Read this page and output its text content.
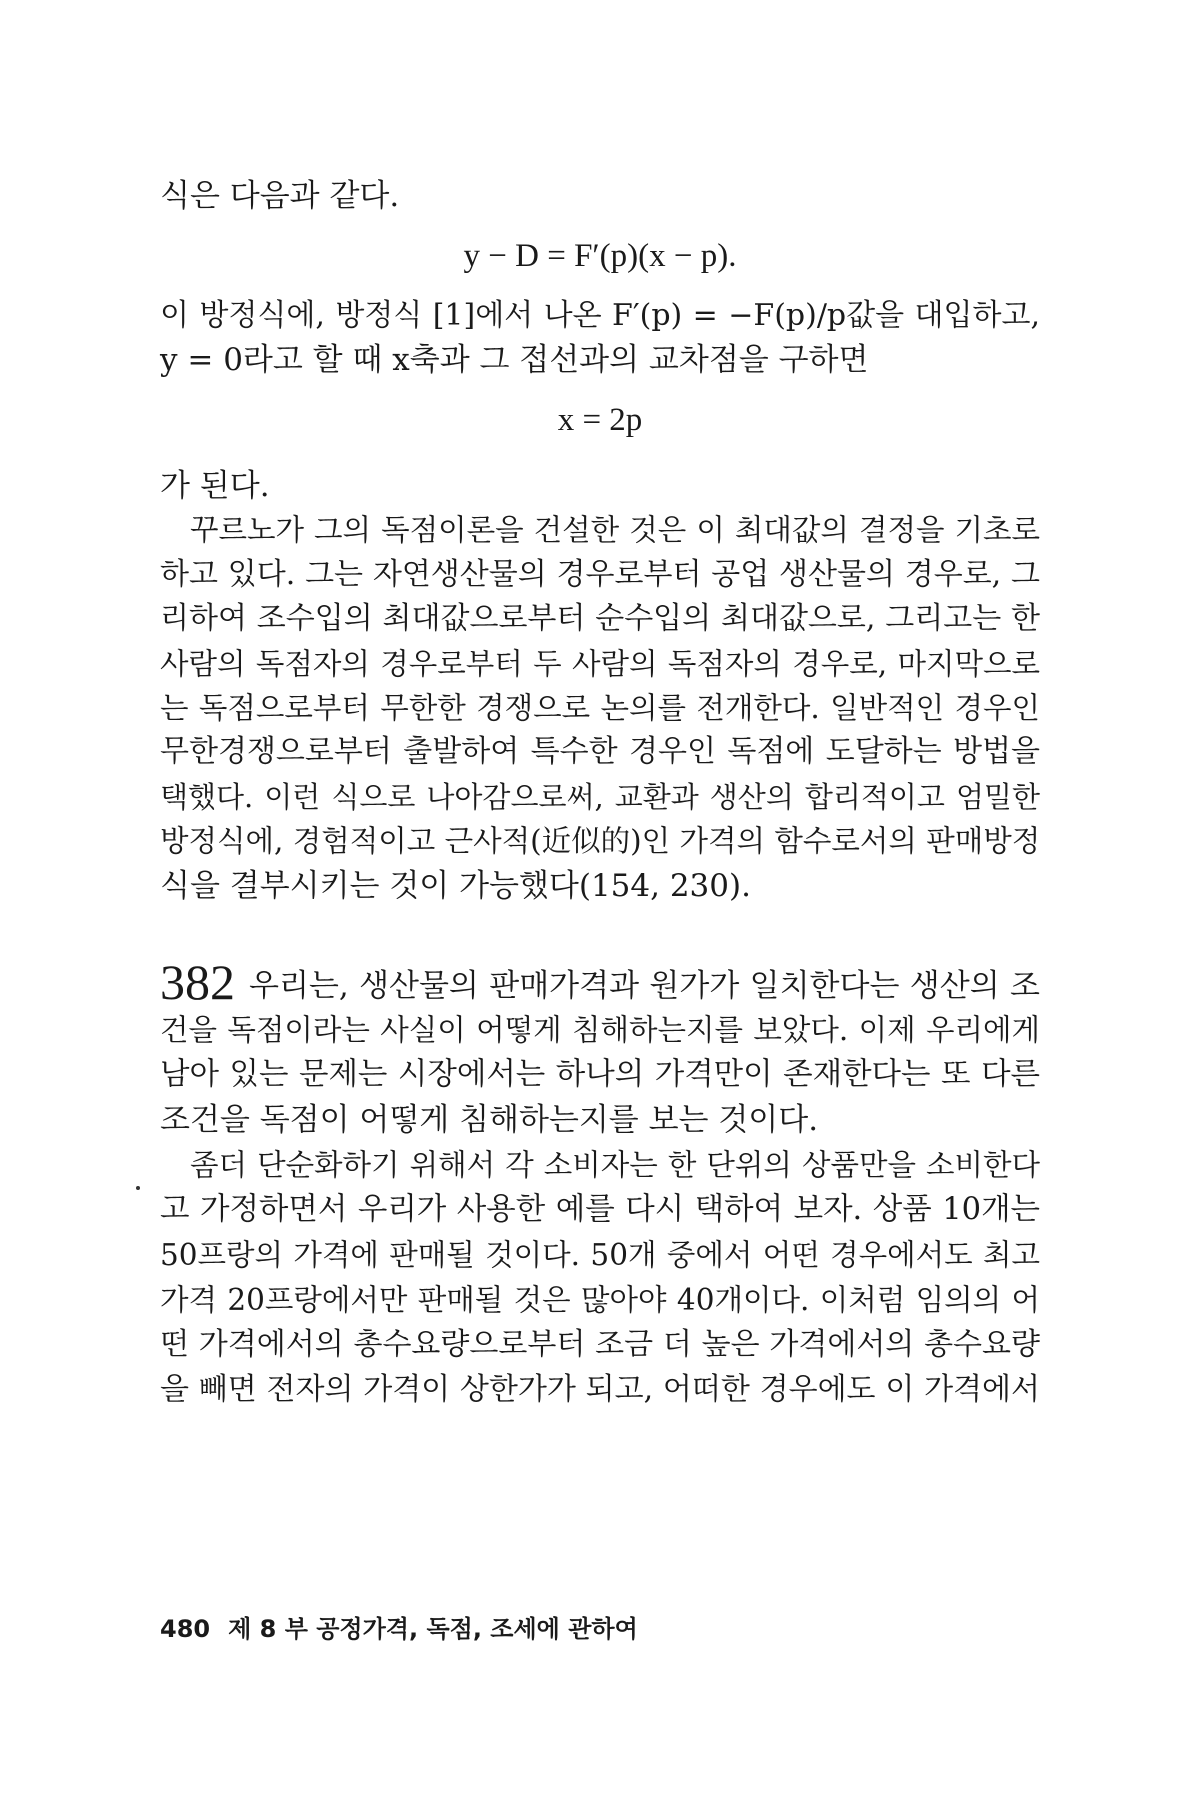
식은 다음과 같다.
y − D = F′(p)(x − p).
이 방정식에, 방정식 [1]에서 나온 F′(p) = −F(p)/p값을 대입하고,
y = 0라고 할 때 x축과 그 접선과의 교차점을 구하면
x = 2p
가 된다.
꾸르노가 그의 독점이론을 건설한 것은 이 최대값의 결정을 기초로
하고 있다. 그는 자연생산물의 경우로부터 공업 생산물의 경우로, 그
리하여 조수입의 최대값으로부터 순수입의 최대값으로, 그리고는 한
사람의 독점자의 경우로부터 두 사람의 독점자의 경우로, 마지막으로
는 독점으로부터 무한한 경쟁으로 논의를 전개한다. 일반적인 경우인
무한경쟁으로부터 출발하여 특수한 경우인 독점에 도달하는 방법을
택했다. 이런 식으로 나아감으로써, 교환과 생산의 합리적이고 엄밀한
방정식에, 경험적이고 근사적(近似的)인 가격의 함수로서의 판매방정
식을 결부시키는 것이 가능했다(154, 230).
382 우리는, 생산물의 판매가격과 원가가 일치한다는 생산의 조
건을 독점이라는 사실이 어떻게 침해하는지를 보았다. 이제 우리에게
남아 있는 문제는 시장에서는 하나의 가격만이 존재한다는 또 다른
조건을 독점이 어떻게 침해하는지를 보는 것이다.
좀더 단순화하기 위해서 각 소비자는 한 단위의 상품만을 소비한다
고 가정하면서 우리가 사용한 예를 다시 택하여 보자. 상품 10개는
50프랑의 가격에 판매될 것이다. 50개 중에서 어떤 경우에서도 최고
가격 20프랑에서만 판매될 것은 많아야 40개이다. 이처럼 임의의 어
떤 가격에서의 총수요량으로부터 조금 더 높은 가격에서의 총수요량
을 빼면 전자의 가격이 상한가가 되고, 어떠한 경우에도 이 가격에서
480 제 8 부 공정가격, 독점, 조세에 관하여
